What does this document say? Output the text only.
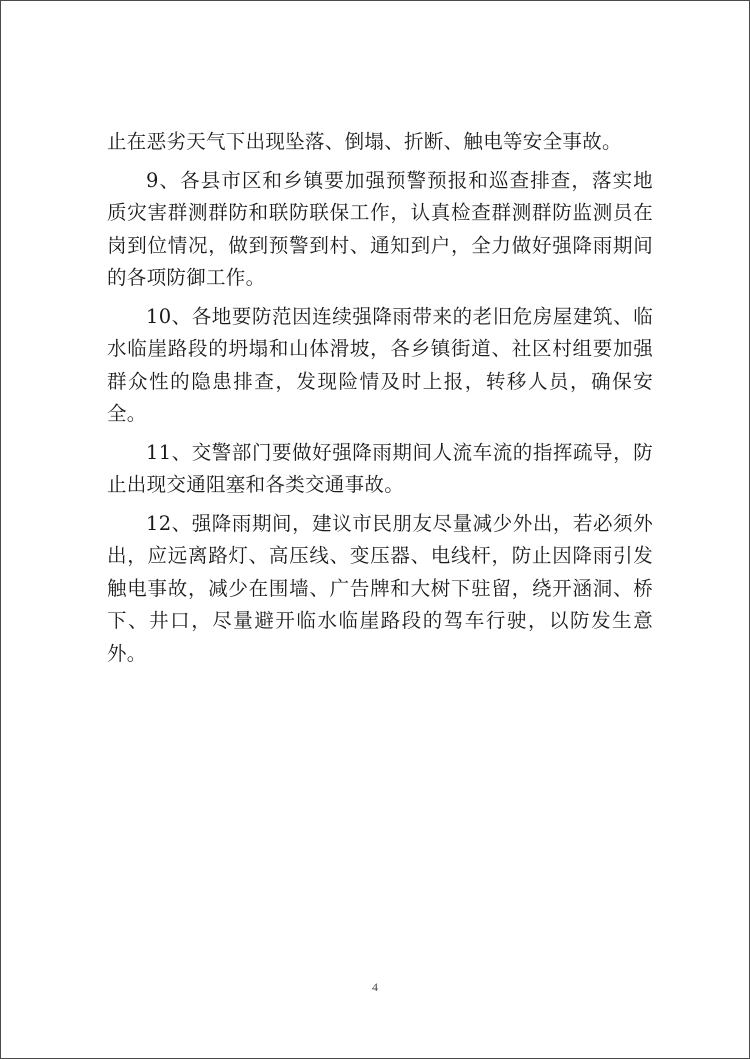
止在恶劣天气下出现坠落、倒塌、折断、触电等安全事故。

9、各县市区和乡镇要加强预警预报和巡查排查，落实地质灾害群测群防和联防联保工作，认真检查群测群防监测员在岗到位情况，做到预警到村、通知到户，全力做好强降雨期间的各项防御工作。

10、各地要防范因连续强降雨带来的老旧危房屋建筑、临水临崖路段的坍塌和山体滑坡，各乡镇街道、社区村组要加强群众性的隐患排查，发现险情及时上报，转移人员，确保安全。

11、交警部门要做好强降雨期间人流车流的指挥疏导，防止出现交通阻塞和各类交通事故。

12、强降雨期间，建议市民朋友尽量减少外出，若必须外出，应远离路灯、高压线、变压器、电线杆，防止因降雨引发触电事故，减少在围墙、广告牌和大树下驻留，绕开涵洞、桥下、井口，尽量避开临水临崖路段的驾车行驶，以防发生意外。

4
